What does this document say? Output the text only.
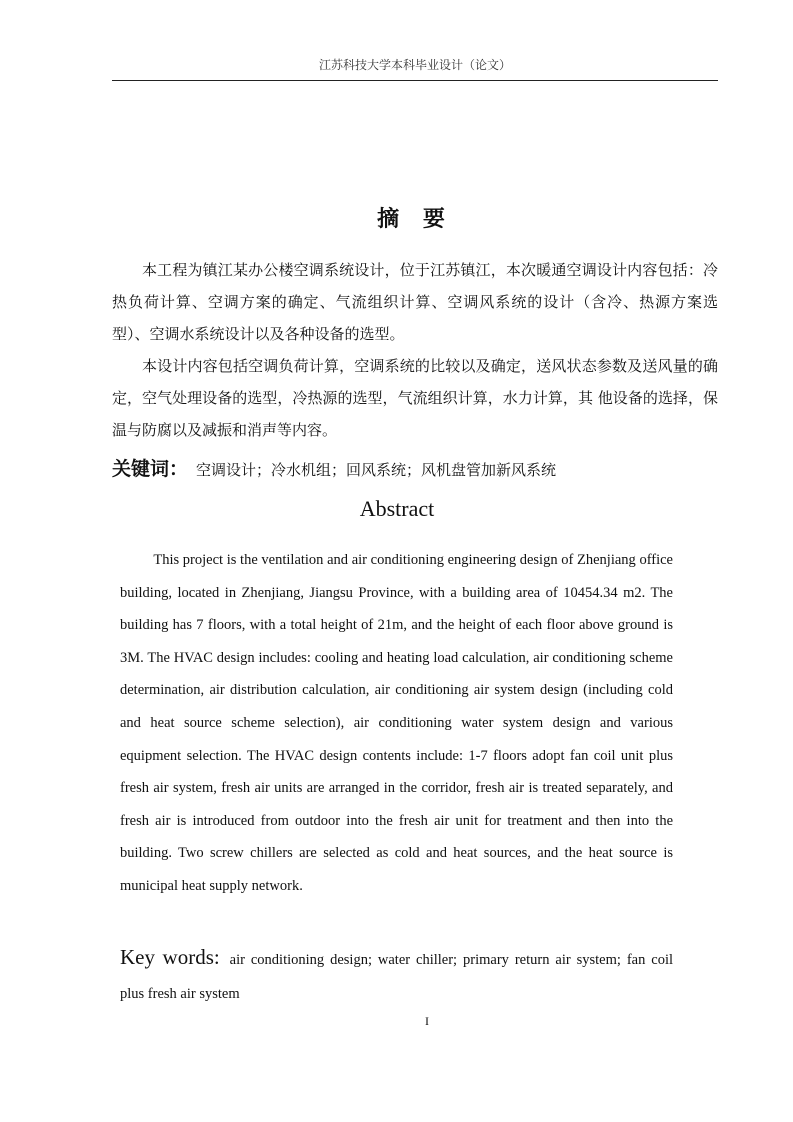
江苏科技大学本科毕业设计（论文）
摘 要

本工程为镇江某办公楼空调系统设计，位于江苏镇江，本次暖通空调设计内容包括：冷热负荷计算、空调方案的确定、气流组织计算、空调风系统的设计（含冷、热源方案选型）、空调水系统设计以及各种设备的选型。

本设计内容包括空调负荷计算，空调系统的比较以及确定，送风状态参数及送风量的确定，空气处理设备的选型，冷热源的选型，气流组织计算，水力计算，其 他设备的选择，保温与防腐以及减振和消声等内容。

关键词： 空调设计；冷水机组；回风系统；风机盘管加新风系统
Abstract

This project is the ventilation and air conditioning engineering design of Zhenjiang office building, located in Zhenjiang, Jiangsu Province, with a building area of 10454.34 m2. The building has 7 floors, with a total height of 21m, and the height of each floor above ground is 3M. The HVAC design includes: cooling and heating load calculation, air conditioning scheme determination, air distribution calculation, air conditioning air system design (including cold and heat source scheme selection), air conditioning water system design and various equipment selection. The HVAC design contents include: 1-7 floors adopt fan coil unit plus fresh air system, fresh air units are arranged in the corridor, fresh air is treated separately, and fresh air is introduced from outdoor into the fresh air unit for treatment and then into the building. Two screw chillers are selected as cold and heat sources, and the heat source is municipal heat supply network.

Key words: air conditioning design; water chiller; primary return air system; fan coil plus fresh air system
I
